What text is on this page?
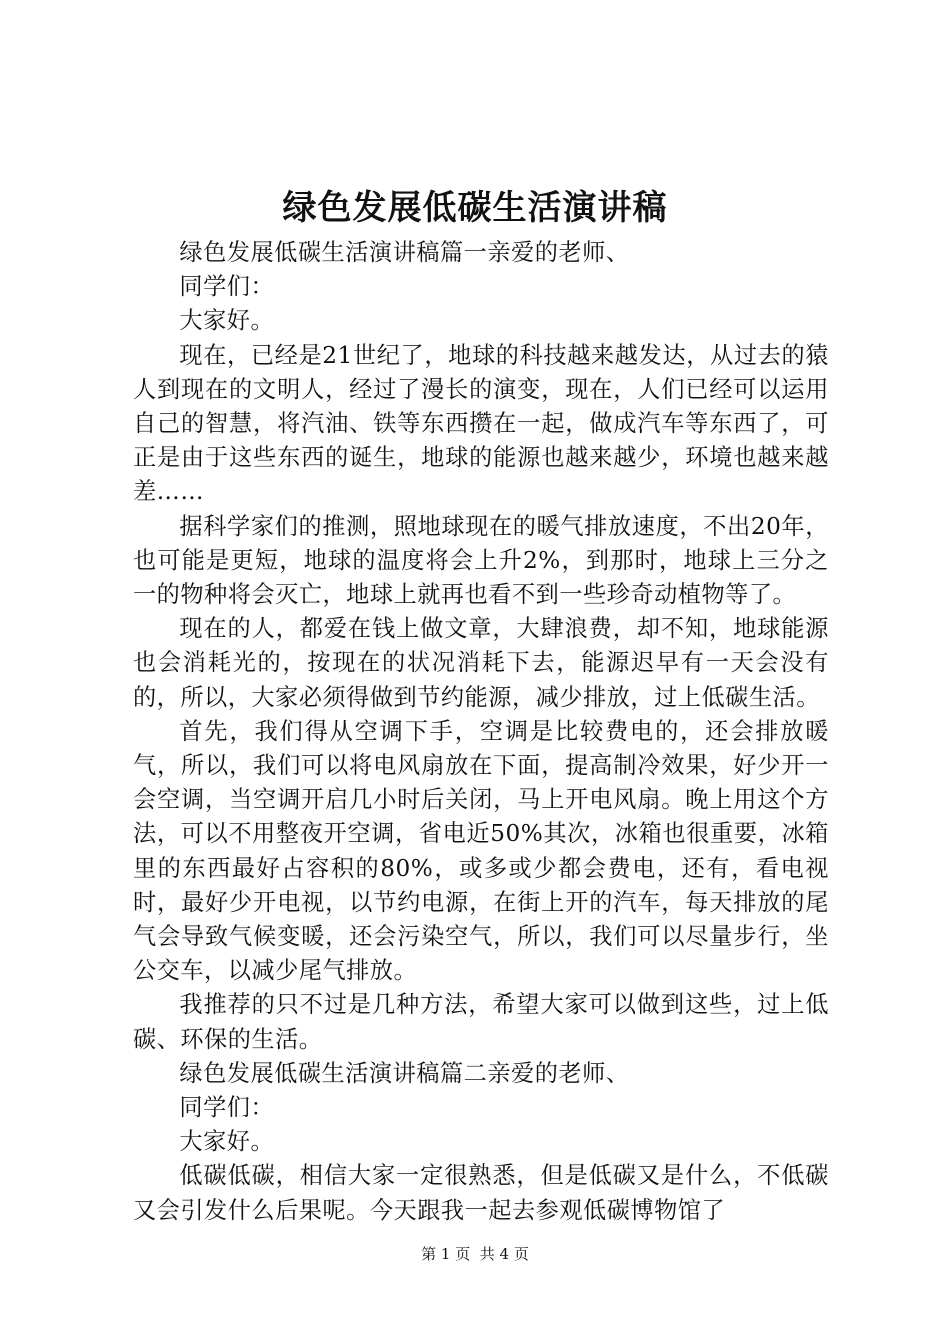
绿色发展低碳生活演讲稿

绿色发展低碳生活演讲稿篇一亲爱的老师、

同学们：

大家好。

现在，已经是21世纪了，地球的科技越来越发达，从过去的猿人到现在的文明人，经过了漫长的演变，现在，人们已经可以运用自己的智慧，将汽油、铁等东西攒在一起，做成汽车等东西了，可正是由于这些东西的诞生，地球的能源也越来越少，环境也越来越差……

据科学家们的推测，照地球现在的暖气排放速度，不出20年，也可能是更短，地球的温度将会上升2%，到那时，地球上三分之一的物种将会灭亡，地球上就再也看不到一些珍奇动植物等了。

现在的人，都爱在钱上做文章，大肆浪费，却不知，地球能源也会消耗光的，按现在的状况消耗下去，能源迟早有一天会没有的，所以，大家必须得做到节约能源，减少排放，过上低碳生活。

首先，我们得从空调下手，空调是比较费电的，还会排放暖气，所以，我们可以将电风扇放在下面，提高制冷效果，好少开一会空调，当空调开启几小时后关闭，马上开电风扇。晚上用这个方法，可以不用整夜开空调，省电近50%其次，冰箱也很重要，冰箱里的东西最好占容积的80%，或多或少都会费电，还有，看电视时，最好少开电视，以节约电源，在街上开的汽车，每天排放的尾气会导致气候变暖，还会污染空气，所以，我们可以尽量步行，坐公交车，以减少尾气排放。

我推荐的只不过是几种方法，希望大家可以做到这些，过上低碳、环保的生活。

绿色发展低碳生活演讲稿篇二亲爱的老师、

同学们：

大家好。

低碳低碳，相信大家一定很熟悉，但是低碳又是什么，不低碳又会引发什么后果呢。今天跟我一起去参观低碳博物馆了

第 1 页  共 4 页
